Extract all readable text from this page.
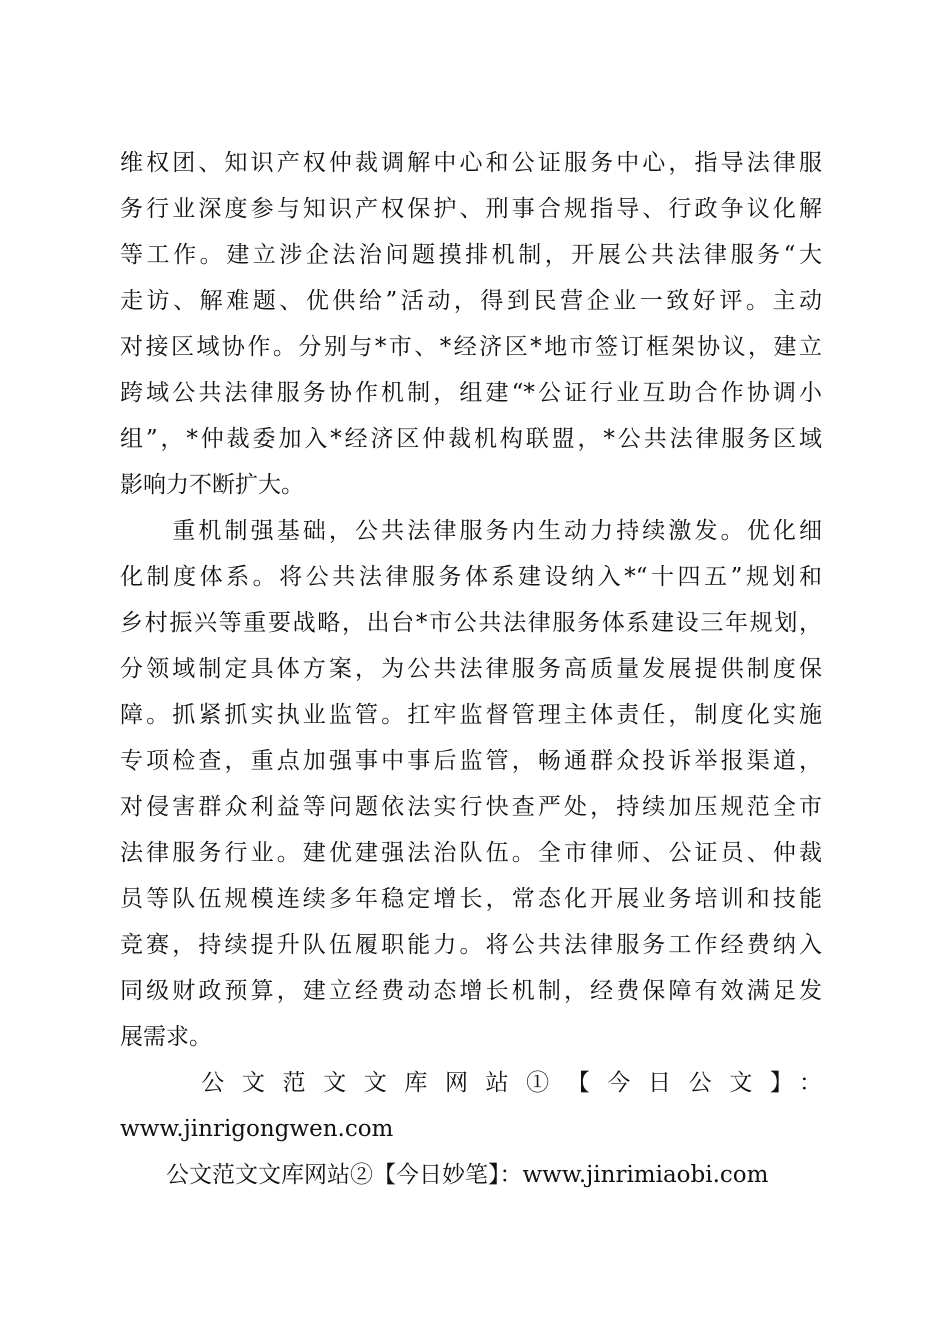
维权团、知识产权仲裁调解中心和公证服务中心，指导法律服
务行业深度参与知识产权保护、刑事合规指导、行政争议化解
等工作。建立涉企法治问题摸排机制，开展公共法律服务“大
走访、解难题、优供给”活动，得到民营企业一致好评。主动
对接区域协作。分别与*市、*经济区*地市签订框架协议，建立
跨域公共法律服务协作机制，组建“*公证行业互助合作协调小
组”，*仲裁委加入*经济区仲裁机构联盟，*公共法律服务区域
影响力不断扩大。
　　重机制强基础，公共法律服务内生动力持续激发。优化细
化制度体系。将公共法律服务体系建设纳入*“十四五”规划和
乡村振兴等重要战略，出台*市公共法律服务体系建设三年规划，
分领域制定具体方案，为公共法律服务高质量发展提供制度保
障。抓紧抓实执业监管。扛牢监督管理主体责任，制度化实施
专项检查，重点加强事中事后监管，畅通群众投诉举报渠道，
对侵害群众利益等问题依法实行快查严处，持续加压规范全市
法律服务行业。建优建强法治队伍。全市律师、公证员、仲裁
员等队伍规模连续多年稳定增长，常态化开展业务培训和技能
竞赛，持续提升队伍履职能力。将公共法律服务工作经费纳入
同级财政预算，建立经费动态增长机制，经费保障有效满足发
展需求。
　　公文范文文库网站①【今日公文】：
www.jinrigongwen.com
　　公文范文文库网站②【今日妙笔】：www.jinrimiaobi.com
